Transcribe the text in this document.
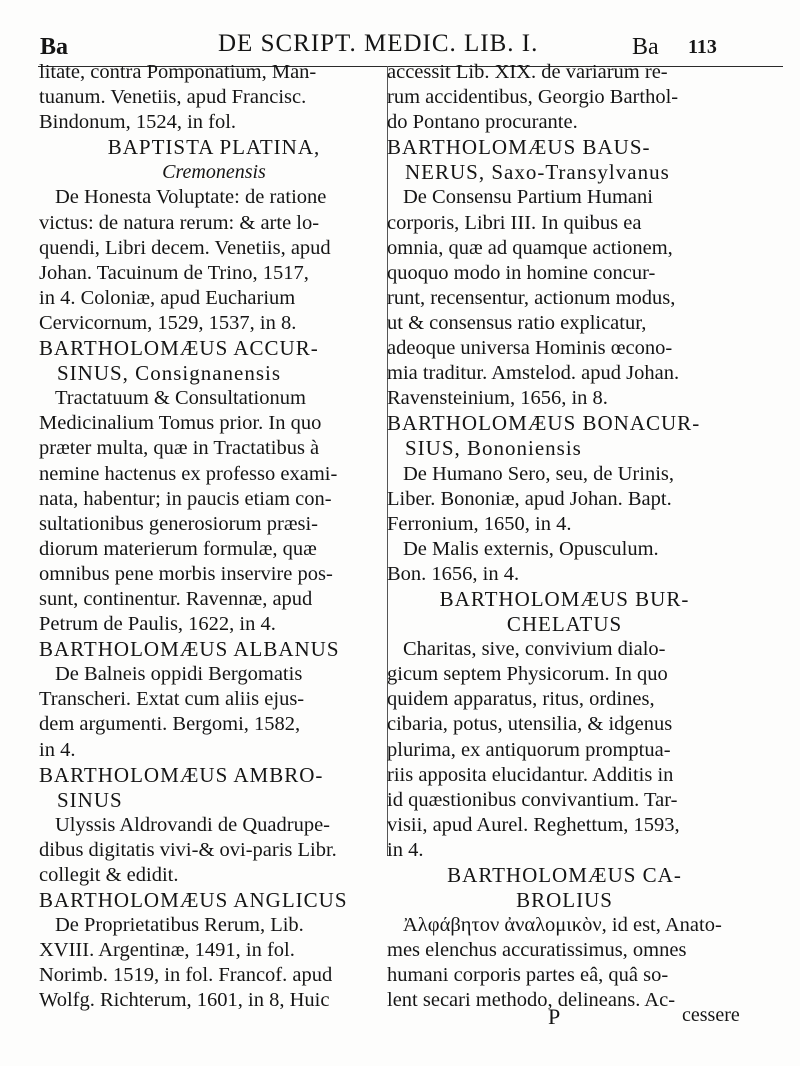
Ba	DE SCRIPT. MEDIC. LIB. I.	Ba 113

litate, contra Pomponatium, Man-

tuanum. Venetiis, apud Francisc.

Bindonum, 1524, in fol.

BAPTISTA PLATINA,
Cremonensis

De Honesta Voluptate: de ratione

victus: de natura rerum: & arte lo-

quendi, Libri decem. Venetiis, apud

Johan. Tacuinum de Trino, 1517,

in 4. Coloniæ, apud Eucharium

Cervicornum, 1529, 1537, in 8.

BARTHOLOMÆUS ACCUR-
SINUS, Consignanensis

Tractatuum & Consultationum

Medicinalium Tomus prior. In quo

præter multa, quæ in Tractatibus à

nemine hactenus ex professo exami-

nata, habentur; in paucis etiam con-

sultationibus generosiorum præsi-

diorum materierum formulæ, quæ

omnibus pene morbis inservire pos-

sunt, continentur. Ravennæ, apud

Petrum de Paulis, 1622, in 4.

BARTHOLOMÆUS ALBANUS

De Balneis oppidi Bergomatis

Transcheri. Extat cum aliis ejus-

dem argumenti. Bergomi, 1582,

in 4.

BARTHOLOMÆUS AMBRO-
SINUS

Ulyssis Aldrovandi de Quadrupe-

dibus digitatis vivi-& ovi-paris Libr.

collegit & edidit.

BARTHOLOMÆUS ANGLICUS

De Proprietatibus Rerum, Lib.

XVIII. Argentinæ, 1491, in fol.

Norimb. 1519, in fol. Francof. apud

Wolfg. Richterum, 1601, in 8, Huic

accessit Lib. XIX. de variarum re-

rum accidentibus, Georgio Barthol-

do Pontano procurante.

BARTHOLOMÆUS BAUS-
NERUS, Saxo-Transylvanus

De Consensu Partium Humani

corporis, Libri III. In quibus ea

omnia, quæ ad quamque actionem,

quoquo modo in homine concur-

runt, recensentur, actionum modus,

ut & consensus ratio explicatur,

adeoque universa Hominis œcono-

mia traditur. Amstelod. apud Johan.

Ravensteinium, 1656, in 8.

BARTHOLOMÆUS BONACUR-
SIUS, Bononiensis

De Humano Sero, seu, de Urinis,

Liber. Bononiæ, apud Johan. Bapt.

Ferronium, 1650, in 4.

De Malis externis, Opusculum.

Bon. 1656, in 4.

BARTHOLOMÆUS BUR-
CHELATUS

Charitas, sive, convivium dialo-

gicum septem Physicorum. In quo

quidem apparatus, ritus, ordines,

cibaria, potus, utensilia, & idgenus

plurima, ex antiquorum promptua-

riis apposita elucidantur. Additis in

id quæstionibus convivantium. Tar-

visii, apud Aurel. Reghettum, 1593,

in 4.

BARTHOLOMÆUS CA-
BROLIUS

Ἀλφάβητον ἀναλομικὸν, id est, Anato-

mes elenchus accuratissimus, omnes

humani corporis partes eâ, quâ so-

lent secari methodo, delineans. Ac-

P	cessere
